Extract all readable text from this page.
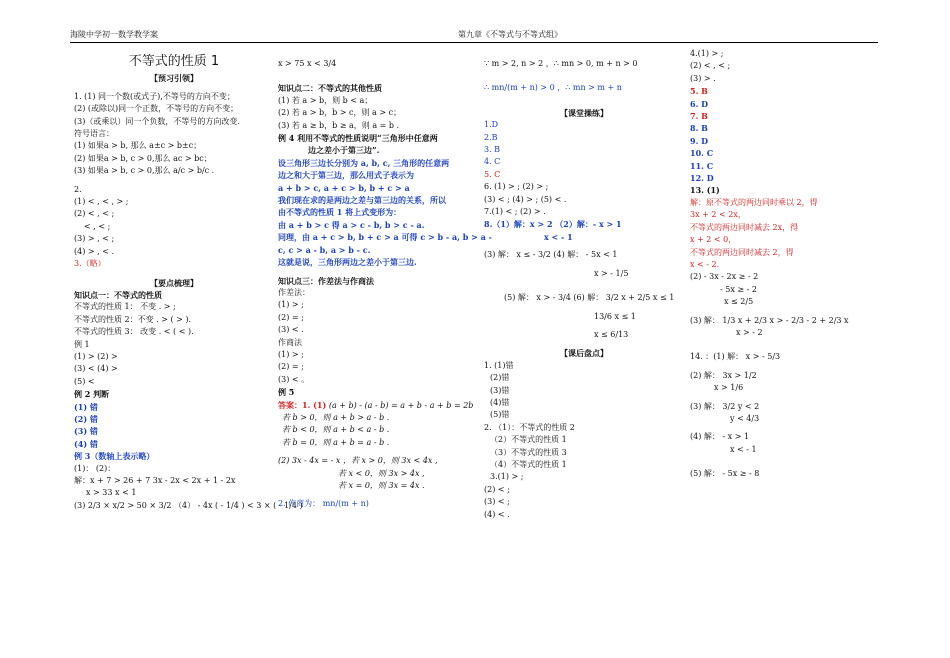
海陵中学初一数学教学案	第九章《不等式与不等式组》
不等式的性质 1
【预习引领】
1. (1) 同一个数(或式子),不等号的方向不变；
(2) (或除以)同一个正数，不等号的方向不变；
(3)（或乘以）同一个负数，不等号的方向改变.
符号语言：
(1) 如果a > b, 那么 a±c > b±c；
(2) 如果a > b, c > 0,那么 ac > bc；
(3) 如果a > b, c > 0,那么 a/c > b/c .
2.
(1) < , < , > ;
(2) < , < ;
< , < ;
(3) > , < ;
(4) > , < .
3.（略）
【要点梳理】
知识点一：不等式的性质
不等式的性质 1： 不变 . > ;
不等式的性质 2：不变 . > ( > ).
不等式的性质 3： 改变 . < ( < ).
例 1
(1) > (2) >
(3) < (4) >
(5) <
例 2 判断
(1) 错
(2) 错
(3) 错
(4) 错
例 3（数轴上表示略）
(1)： (2)：
解：x + 7 > 26 + 7 3x - 2x < 2x + 1 - 2x
x > 33 x < 1
(3) 2/3 × x/2 > 50 × 3/2 （4） - 4x ( - 1/4 ) < 3 × ( - 1/4 )
x > 75 x < 3/4
知识点二：不等式的其他性质
(1) 若 a > b，则 b < a；
(2) 若 a > b，b > c，则 a > c；
(3) 若 a ≥ b，b ≥ a，则 a = b .
例 4 利用不等式的性质说明“三角形中任意两
边之差小于第三边”.
设三角形三边长分别为 a, b, c, 三角形的任意两
边之和大于第三边，那么用式子表示为
a + b > c, a + c > b, b + c > a
我们现在求的是两边之差与第三边的关系，所以
由不等式的性质 1 将上式变形为：
由 a + b > c 得 a > c - b, b > c - a.
同理，由 a + c > b, b + c > a 可得 c > b - a, b > a -
c, c > a - b, a > b - c.
这就是说，三角形两边之差小于第三边.
知识点三：作差法与作商法
作差法：
(1) > ;
(2) = ;
(3) < .
作商法
(1) > ;
(2) = ;
(3) < 。
例 5
答案：1. (1) (a + b) - (a - b) = a + b - a + b = 2b
若 b > 0，则 a + b > a - b .
若 b < 0，则 a + b < a - b .
若 b = 0，则 a + b = a - b .
(2) 3x - 4x = - x ，若 x > 0，则 3x < 4x ,
若 x < 0，则 3x > 4x ,
若 x = 0，则 3x = 4x .
2. 作商为： mn/(m + n)
∵ m > 2, n > 2 ，∴ mn > 0, m + n > 0
∴ mn/(m + n) > 0 ，∴ mn > m + n
【课堂操练】
1.D
2.B
3. B
4. C
5. C
6. (1) > ; (2) > ;
(3) < ; (4) > ; (5) < .
7.(1) < ; (2) > .
8.（1）解：x > 2 （2）解：- x > 1
x < - 1
(3) 解： x ≤ - 3/2 (4) 解： - 5x < 1
x > - 1/5
(5) 解： x > - 3/4 (6) 解： 3/2 x + 2/5 x ≤ 1
13/6 x ≤ 1
x ≤ 6/13
【课后盘点】
1. (1)错
(2)错
(3)错
(4)错
(5)错
2. （1）：不等式的性质 2
（2）不等式的性质 1
（3）不等式的性质 3
（4）不等式的性质 1
3.(1) > ;
(2) < ;
(3) < ;
(4) < .
4.(1) > ;
(2) < , < ;
(3) > .
5. B
6. D
7. B
8. B
9. D
10. C
11. C
12. D
13. (1)
解：原不等式的两边同时乘以 2，得
3x + 2 < 2x，
不等式的两边同时减去 2x，得
x + 2 < 0，
不等式的两边同时减去 2，得
x < - 2.
(2) - 3x - 2x ≥ - 2
- 5x ≥ - 2
x ≤ 2/5
(3) 解： 1/3 x + 2/3 x > - 2/3 - 2 + 2/3 x
x > - 2
14. ：(1) 解： x > - 5/3
(2) 解： 3x > 1/2
x > 1/6
(3) 解： 3/2 y < 2
y < 4/3
(4) 解： - x > 1
x < - 1
(5) 解： - 5x ≥ - 8
